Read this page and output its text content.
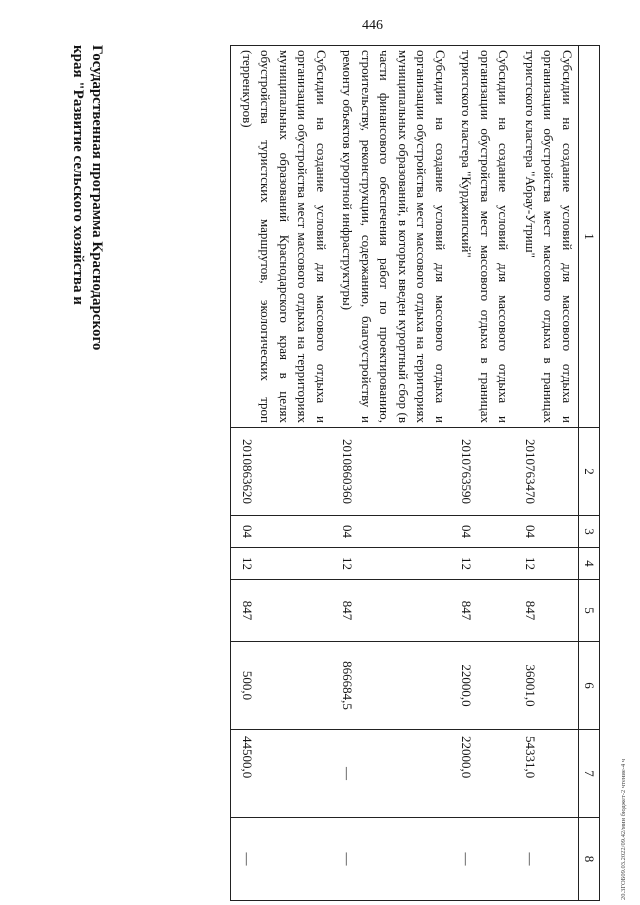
446
20.3ГОБ09.03.2022/09.42/мин бюджет-2 чтение-4 ч
1	2	3	4	5	6	7	8
Субсидии на создание условий для массового отдыха и организации обустройства мест массового отдыха в границах туристского кластера "Абрау-Утриш"	2010763470	04	12	847	36001,0	54331,0	—
Субсидии на создание условий для массового отдыха и организации обустройства мест массового отдыха в границах туристского кластера "Курджипский"	2010763590	04	12	847	22000,0	22000,0	—
Субсидии на создание условий для массового отдыха и организации обустройства мест массового отдыха на территориях муниципальных образований, в которых введен курортный сбор (в части финансового обеспечения работ по проектированию, строительству, реконструкции, содержанию, благоустройству и ремонту объектов курортной инфраструктуры)	2010860360	04	12	847	866684,5	—	—
Субсидии на создание условий для массового отдыха и организации обустройства мест массового отдыха на территориях муниципальных образований Краснодарского края в целях обустройства туристских маршрутов, экологических троп (терренкуров)	2010863620	04	12	847	500,0	44500,0	—
Государственная программа Краснодарского
края "Развитие сельского хозяйства и
